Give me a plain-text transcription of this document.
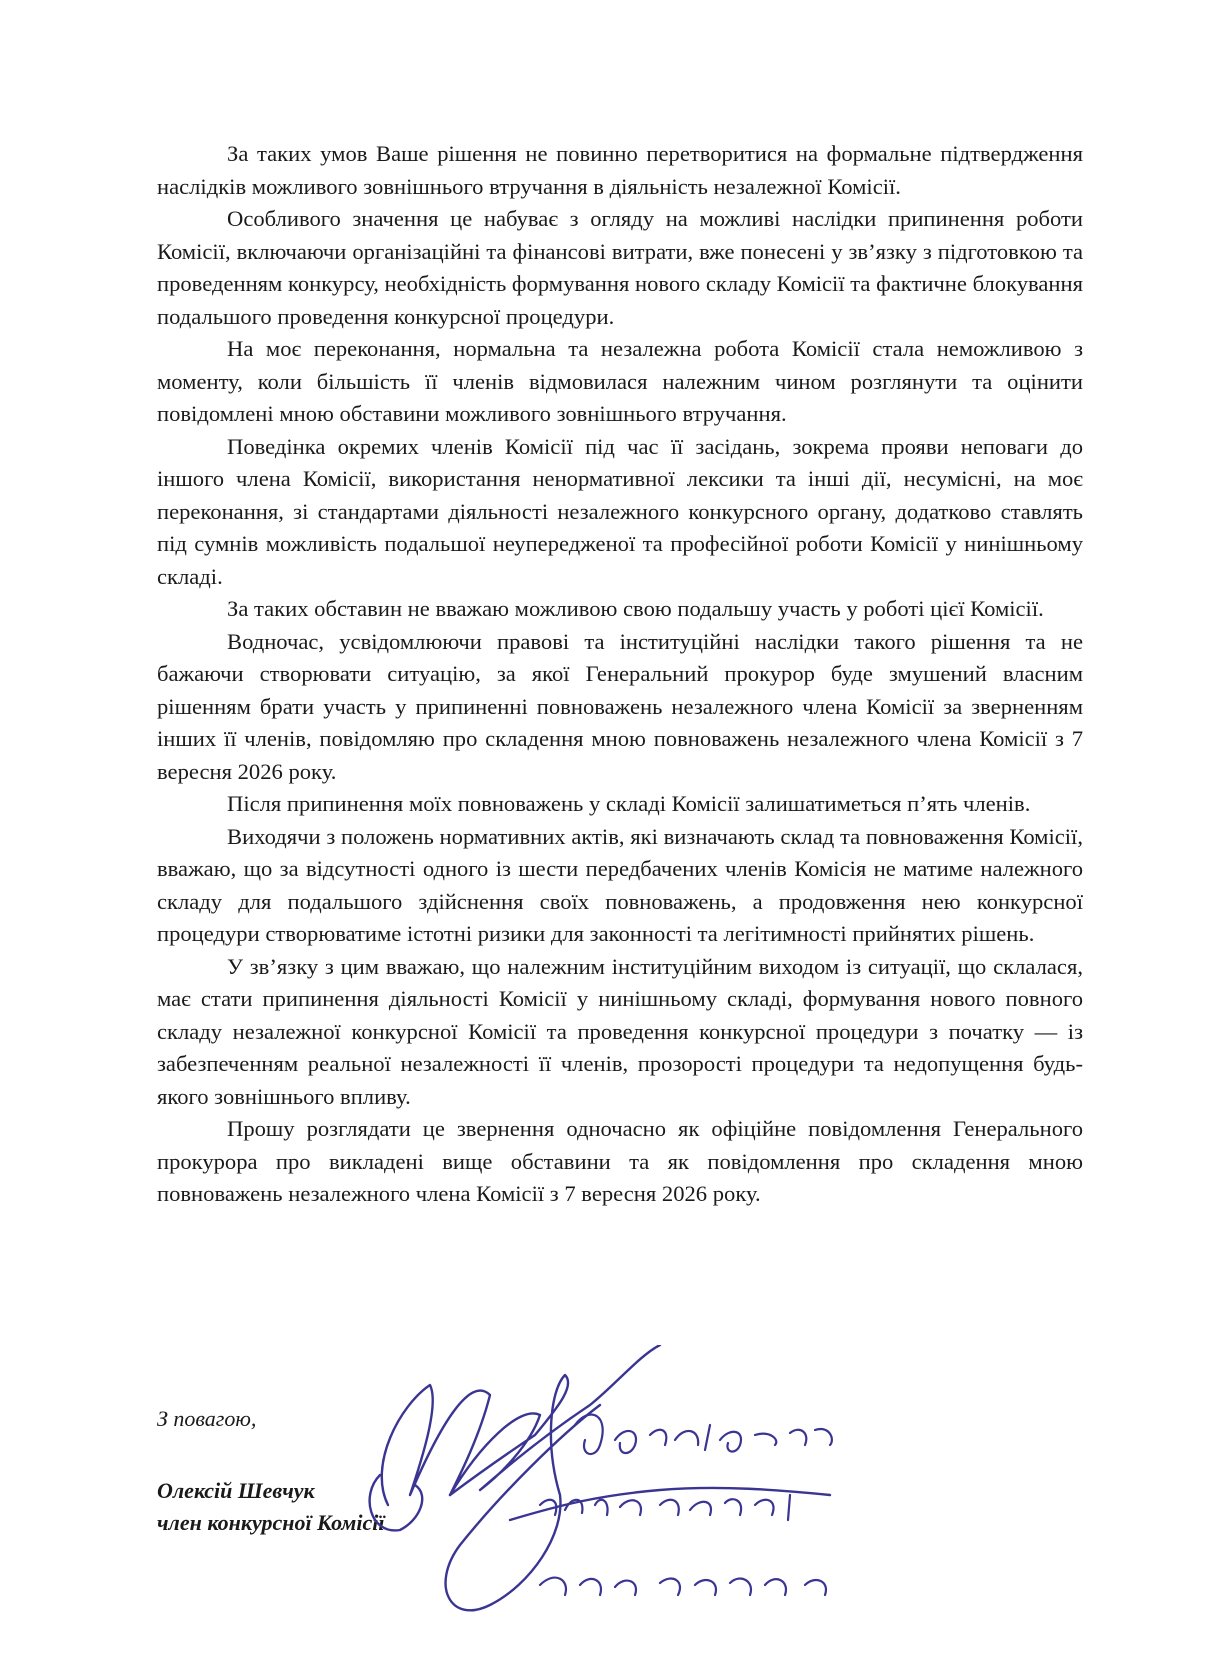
За таких умов Ваше рішення не повинно перетворитися на формальне підтвердження наслідків можливого зовнішнього втручання в діяльність незалежної Комісії.

Особливого значення це набуває з огляду на можливі наслідки припинення роботи Комісії, включаючи організаційні та фінансові витрати, вже понесені у зв’язку з підготовкою та проведенням конкурсу, необхідність формування нового складу Комісії та фактичне блокування подальшого проведення конкурсної процедури.

На моє переконання, нормальна та незалежна робота Комісії стала неможливою з моменту, коли більшість її членів відмовилася належним чином розглянути та оцінити повідомлені мною обставини можливого зовнішнього втручання.

Поведінка окремих членів Комісії під час її засідань, зокрема прояви неповаги до іншого члена Комісії, використання ненормативної лексики та інші дії, несумісні, на моє переконання, зі стандартами діяльності незалежного конкурсного органу, додатково ставлять під сумнів можливість подальшої неупередженої та професійної роботи Комісії у нинішньому складі.

За таких обставин не вважаю можливою свою подальшу участь у роботі цієї Комісії.

Водночас, усвідомлюючи правові та інституційні наслідки такого рішення та не бажаючи створювати ситуацію, за якої Генеральний прокурор буде змушений власним рішенням брати участь у припиненні повноважень незалежного члена Комісії за зверненням інших її членів, повідомляю про складення мною повноважень незалежного члена Комісії з 7 вересня 2026 року.

Після припинення моїх повноважень у складі Комісії залишатиметься п’ять членів.

Виходячи з положень нормативних актів, які визначають склад та повноваження Комісії, вважаю, що за відсутності одного із шести передбачених членів Комісія не матиме належного складу для подальшого здійснення своїх повноважень, а продовження нею конкурсної процедури створюватиме істотні ризики для законності та легітимності прийнятих рішень.

У зв’язку з цим вважаю, що належним інституційним виходом із ситуації, що склалася, має стати припинення діяльності Комісії у нинішньому складі, формування нового повного складу незалежної конкурсної Комісії та проведення конкурсної процедури з початку — із забезпеченням реальної незалежності її членів, прозорості процедури та недопущення будь-якого зовнішнього впливу.

Прошу розглядати це звернення одночасно як офіційне повідомлення Генерального прокурора про викладені вище обставини та як повідомлення про складення мною повноважень незалежного члена Комісії з 7 вересня 2026 року.

З повагою,
Олексій Шевчук
член конкурсної Комісії
